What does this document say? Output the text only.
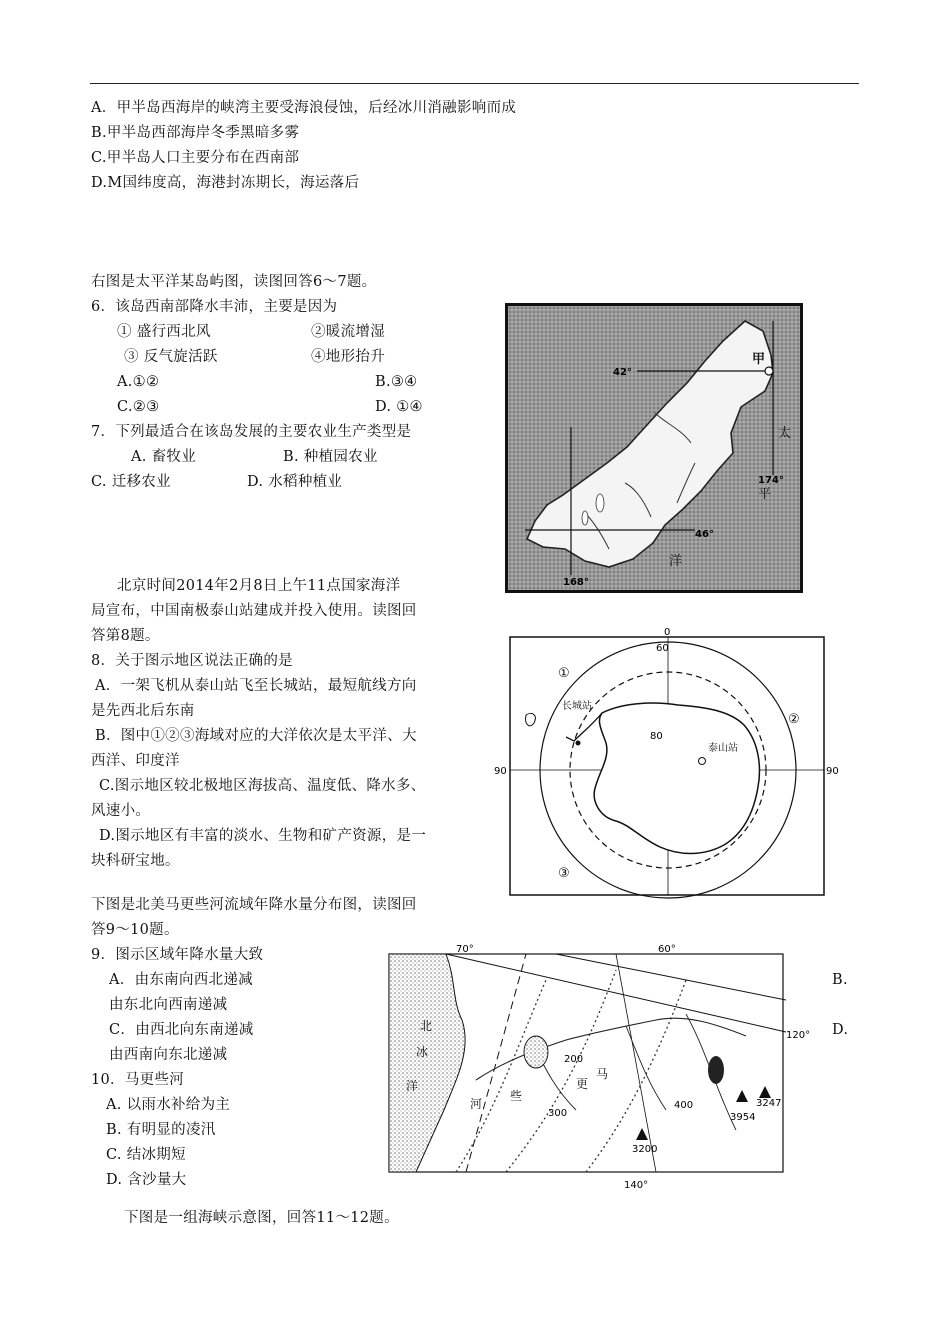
A．甲半岛西海岸的峡湾主要受海浪侵蚀，后经冰川消融影响而成
B.甲半岛西部海岸冬季黑暗多雾
C.甲半岛人口主要分布在西南部
D.M国纬度高，海港封冻期长，海运落后
右图是太平洋某岛屿图，读图回答6～7题。
6．该岛西南部降水丰沛，主要是因为
① 盛行西北风	②暖流增湿
③ 反气旋活跃	④地形抬升
A.①②	B.③④
C.②③	D. ①④
7．下列最适合在该岛发展的主要农业生产类型是
A. 畜牧业	B. 种植园农业
C. 迁移农业	D. 水稻种植业
42°
46°
174°
168°
甲
太
平
洋
北京时间2014年2月8日上午11点国家海洋
局宣布，中国南极泰山站建成并投入使用。读图回
答第8题。
8．关于图示地区说法正确的是
A．一架飞机从泰山站飞至长城站，最短航线方向
是先西北后东南
B．图中①②③海域对应的大洋依次是太平洋、大
西洋、印度洋
C.图示地区较北极地区海拔高、温度低、降水多、
风速小。
D.图示地区有丰富的淡水、生物和矿产资源，是一
块科研宝地。
0
60
80
90	90
长城站
泰山站
①
②
③
下图是北美马更些河流域年降水量分布图，读图回
答9～10题。
9．图示区域年降水量大致
A．由东南向西北递减	B.
由东北向西南递减
C．由西北向东南递减	D.
由西南向东北递减
10．马更些河
A. 以雨水补给为主
B. 有明显的凌汛
C. 结冰期短
D. 含沙量大
70°	60°
120°
140°
200
300
400
3954
3247
3200
北
冰
洋
马
更
些
河
下图是一组海峡示意图，回答11～12题。
